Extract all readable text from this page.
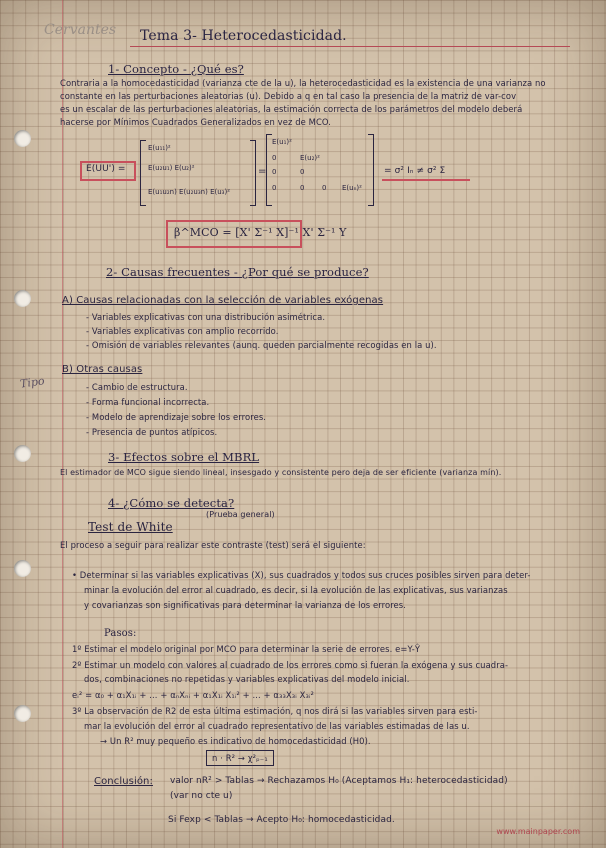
Cervantes Tema 3- Heterocedasticidad.
1- Concepto - ¿Qué es?
Contraria a la homocedasticidad (varianza cte de la u), la heterocedasticidad es la existencia de una varianza no
constante en las perturbaciones aleatorias (u). Debido a q en tal caso la presencia de la matriz de var-cov
es un escalar de las perturbaciones aleatorias, la estimación correcta de los parámetros del modelo deberá
hacerse por Mínimos Cuadrados Generalizados en vez de MCO.
E(UU') =
E(u₁₁)²
E(u₂u₁) E(u₂)²
E(u₁u₂n) E(u₂u₃n) E(u₃)²
=
E(u₁)²
0	E(u₂)²
0	0
0	0	0 E(uₙ)²
= σ² Iₙ ≠ σ² Σ
β^MCO = [X' Σ⁻¹ X]⁻¹ X' Σ⁻¹ Y
2- Causas frecuentes - ¿Por qué se produce?
A) Causas relacionadas con la selección de variables exógenas
- Variables explicativas con una distribución asimétrica.
- Variables explicativas con amplio recorrido.
- Omisión de variables relevantes (aunq. queden parcialmente recogidas en la u).
Tipo
B) Otras causas
- Cambio de estructura.
- Forma funcional incorrecta.
- Modelo de aprendizaje sobre los errores.
- Presencia de puntos atípicos.
3- Efectos sobre el MBRL
El estimador de MCO sigue siendo lineal, insesgado y consistente pero deja de ser eficiente (varianza mín).
4- ¿Cómo se detecta?
Test de White
(Prueba general)
El proceso a seguir para realizar este contraste (test) será el siguiente:
• Determinar si las variables explicativas (X), sus cuadrados y todos sus cruces posibles sirven para deter-
minar la evolución del error al cuadrado, es decir, si la evolución de las explicativas, sus varianzas
y covarianzas son significativas para determinar la varianza de los errores.
Pasos:
1º Estimar el modelo original por MCO para determinar la serie de errores. e=Y-Ŷ
2º Estimar un modelo con valores al cuadrado de los errores como si fueran la exógena y sus cuadra-
dos, combinaciones no repetidas y variables explicativas del modelo inicial.
eᵢ² = α₀ + α₁X₁ᵢ + ... + αₙXₙᵢ + α₁X₁ᵢ X₁ᵢ² + ... + α₃₃X₃ᵢ X₃ᵢ²
3º La observación de R2 de esta última estimación, q nos dirá si las variables sirven para esti-
mar la evolución del error al cuadrado representativo de las variables estimadas de las u.
→ Un R² muy pequeño es indicativo de homocedasticidad (H0).
n · R² → χ²ₚ₋₁
Conclusión: valor nR² > Tablas → Rechazamos H₀ (Aceptamos H₁: heterocedasticidad)
(var no cte u)
Si Fexp < Tablas → Acepto H₀: homocedasticidad.
www.mainpaper.com
